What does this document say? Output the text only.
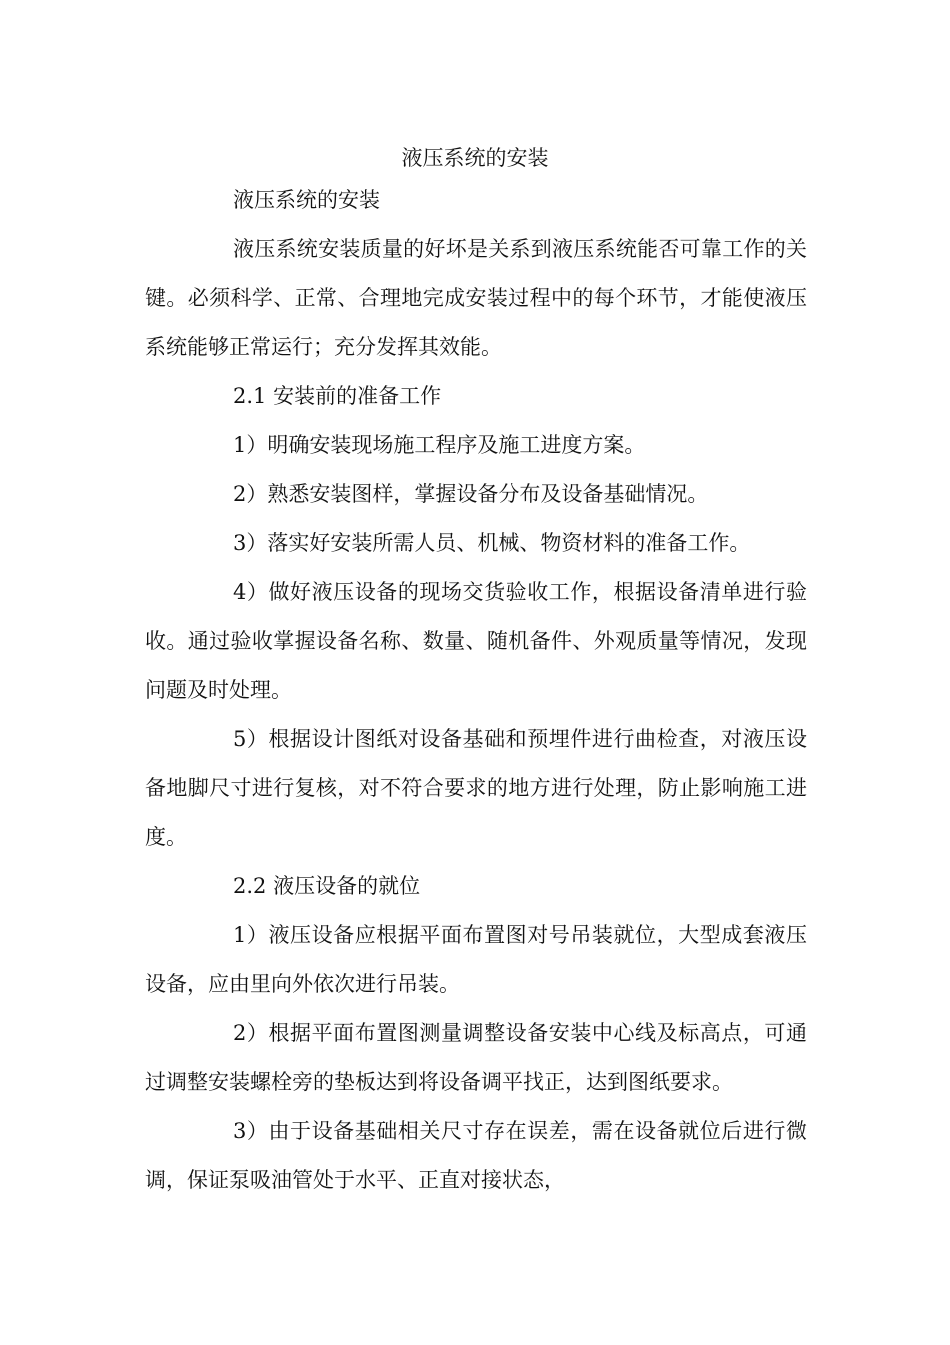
液压系统的安装

液压系统的安装

液压系统安装质量的好坏是关系到液压系统能否可靠工作的关键。必须科学、正常、合理地完成安装过程中的每个环节，才能使液压系统能够正常运行；充分发挥其效能。

2.1 安装前的准备工作

1）明确安装现场施工程序及施工进度方案。

2）熟悉安装图样，掌握设备分布及设备基础情况。

3）落实好安装所需人员、机械、物资材料的准备工作。

4）做好液压设备的现场交货验收工作，根据设备清单进行验收。通过验收掌握设备名称、数量、随机备件、外观质量等情况，发现问题及时处理。

5）根据设计图纸对设备基础和预埋件进行曲检查，对液压设备地脚尺寸进行复核，对不符合要求的地方进行处理，防止影响施工进度。

2.2 液压设备的就位

1）液压设备应根据平面布置图对号吊装就位，大型成套液压设备，应由里向外依次进行吊装。

2）根据平面布置图测量调整设备安装中心线及标高点，可通过调整安装螺栓旁的垫板达到将设备调平找正，达到图纸要求。

3）由于设备基础相关尺寸存在误差，需在设备就位后进行微调，保证泵吸油管处于水平、正直对接状态，
